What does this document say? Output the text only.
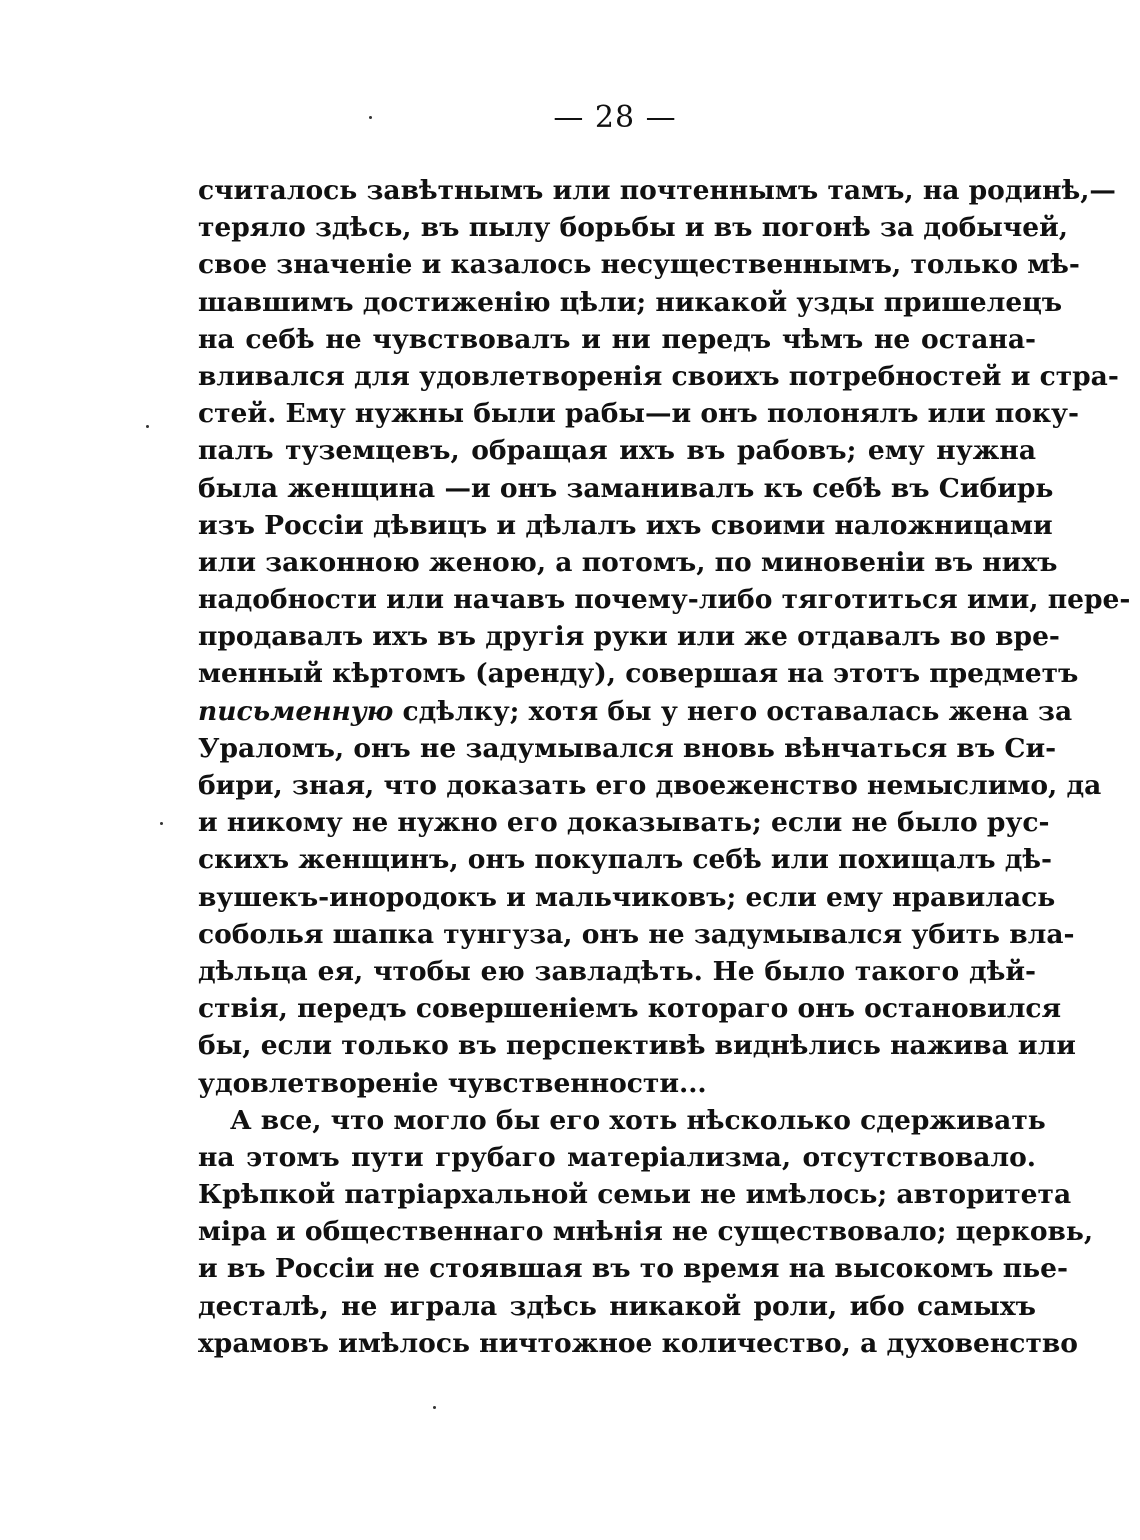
— 28 —
считалось завѣтнымъ или почтеннымъ тамъ, на родинѣ,—
теряло здѣсь, въ пылу борьбы и въ погонѣ за добычей,
свое значеніе и казалось несущественнымъ, только мѣ-
шавшимъ достиженію цѣли; никакой узды пришелецъ
на себѣ не чувствовалъ и ни передъ чѣмъ не остана-
вливался для удовлетворенія своихъ потребностей и стра-
стей. Ему нужны были рабы—и онъ полонялъ или поку-
палъ туземцевъ, обращая ихъ въ рабовъ; ему нужна
была женщина —и онъ заманивалъ къ себѣ въ Сибирь
изъ Россіи дѣвицъ и дѣлалъ ихъ своими наложницами
или законною женою, а потомъ, по миновеніи въ нихъ
надобности или начавъ почему-либо тяготиться ими, пере-
продавалъ ихъ въ другія руки или же отдавалъ во вре-
менный кѣртомъ (аренду), совершая на этотъ предметъ
письменную сдѣлку; хотя бы у него оставалась жена за
Ураломъ, онъ не задумывался вновь вѣнчаться въ Си-
бири, зная, что доказать его двоеженство немыслимо, да
и никому не нужно его доказывать; если не было рус-
скихъ женщинъ, онъ покупалъ себѣ или похищалъ дѣ-
вушекъ-инородокъ и мальчиковъ; если ему нравилась
соболья шапка тунгуза, онъ не задумывался убить вла-
дѣльца ея, чтобы ею завладѣть. Не было такого дѣй-
ствія, передъ совершеніемъ котораго онъ остановился
бы, если только въ перспективѣ виднѣлись нажива или
удовлетвореніе чувственности...
А все, что могло бы его хоть нѣсколько сдерживать
на этомъ пути грубаго матеріализма, отсутствовало.
Крѣпкой патріархальной семьи не имѣлось; авторитета
міра и общественнаго мнѣнія не существовало; церковь,
и въ Россіи не стоявшая въ то время на высокомъ пье-
десталѣ, не играла здѣсь никакой роли, ибо самыхъ
храмовъ имѣлось ничтожное количество, а духовенство
